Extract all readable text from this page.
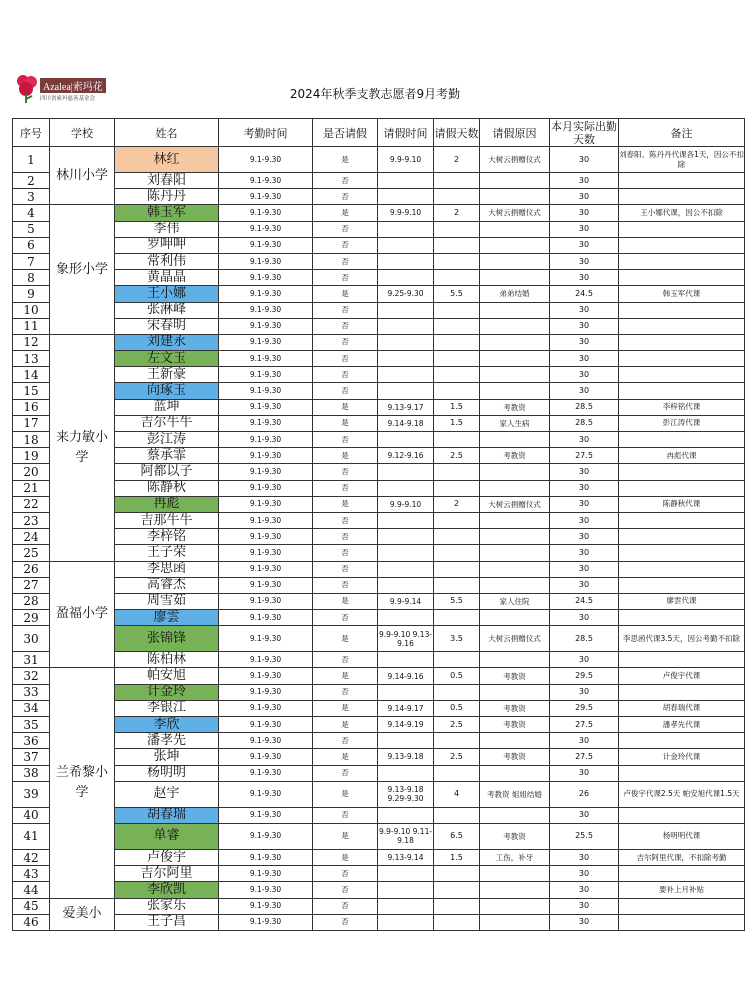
Azalea|索玛花
四川省索玛慈善基金会	2024年秋季支教志愿者9月考勤
序号	学校	姓名	考勤时间	是否请假	请假时间	请假天数	请假原因	本月实际出勤天数	备注
1	林川小学	林红	9.1-9.30	是	9.9-9.10	2	大树云捐赠仪式	30	刘春阳、陈丹丹代课各1天，因公不扣除
2		刘春阳	9.1-9.30	否				30	
3		陈丹丹	9.1-9.30	否				30	
4	象形小学	韩玉军	9.1-9.30	是	9.9-9.10	2	大树云捐赠仪式	30	王小娜代课，因公不扣除
5		李伟	9.1-9.30	否				30	
6		罗呷呷	9.1-9.30	否				30	
7		常利伟	9.1-9.30	否				30	
8		黄晶晶	9.1-9.30	否				30	
9		王小娜	9.1-9.30	是	9.25-9.30	5.5	弟弟结婚	24.5	韩玉军代课
10		张淋峰	9.1-9.30	否				30	
11		宋春明	9.1-9.30	否				30	
12	来力敏小学	刘建永	9.1-9.30	否				30	
13		左文玉	9.1-9.30	否				30	
14		王新豪	9.1-9.30	否				30	
15		向琢玉	9.1-9.30	否				30	
16		蓝坤	9.1-9.30	是	9.13-9.17	1.5	考教资	28.5	李梓铭代课
17		吉尔牛牛	9.1-9.30	是	9.14-9.18	1.5	家人生病	28.5	彭江涛代课
18		彭江涛	9.1-9.30	否				30	
19		蔡承霏	9.1-9.30	是	9.12-9.16	2.5	考教资	27.5	冉彪代课
20		阿都以子	9.1-9.30	否				30	
21		陈静秋	9.1-9.30	否				30	
22		冉彪	9.1-9.30	是	9.9-9.10	2	大树云捐赠仪式	30	陈静秋代课
23		吉那牛牛	9.1-9.30	否				30	
24		李梓铭	9.1-9.30	否				30	
25		王子荣	9.1-9.30	否				30	
26	盈福小学	李思函	9.1-9.30	否				30	
27		高睿杰	9.1-9.30	否				30	
28		周雪茹	9.1-9.30	是	9.9-9.14	5.5	家人住院	24.5	廖雲代课
29		廖雲	9.1-9.30	否				30	
30		张锦锋	9.1-9.30	是	9.9-9.10 9.13-9.16	3.5	大树云捐赠仪式	28.5	李思函代课3.5天，因公考勤不扣除
31		陈柏林	9.1-9.30	否				30	
32	兰希黎小学	帕安旭	9.1-9.30	是	9.14-9.16	0.5	考教资	29.5	卢俊宇代课
33		计金玲	9.1-9.30	否				30	
34		李银江	9.1-9.30	是	9.14-9.17	0.5	考教资	29.5	胡春瑞代课
35		李欣	9.1-9.30	是	9.14-9.19	2.5	考教资	27.5	潘孝先代课
36		潘孝先	9.1-9.30	否				30	
37		张坤	9.1-9.30	是	9.13-9.18	2.5	考教资	27.5	计金玲代课
38		杨明明	9.1-9.30	否				30	
39		赵宇	9.1-9.30	是	9.13-9.18 9.29-9.30	4	考教资 姐姐结婚	26	卢俊宇代课2.5天 帕安旭代课1.5天
40		胡春瑞	9.1-9.30	否				30	
41		单睿	9.1-9.30	是	9.9-9.10 9.11-9.18	6.5	考教资	25.5	杨明明代课
42		卢俊宇	9.1-9.30	是	9.13-9.14	1.5	工伤，补牙	30	吉尔阿里代课，不扣除考勤
43		吉尔阿里	9.1-9.30	否				30	
44		李欣凯	9.1-9.30	否				30	要补上月补贴
45	爱美小	张家乐	9.1-9.30	否				30	
46		王子昌	9.1-9.30	否				30	
